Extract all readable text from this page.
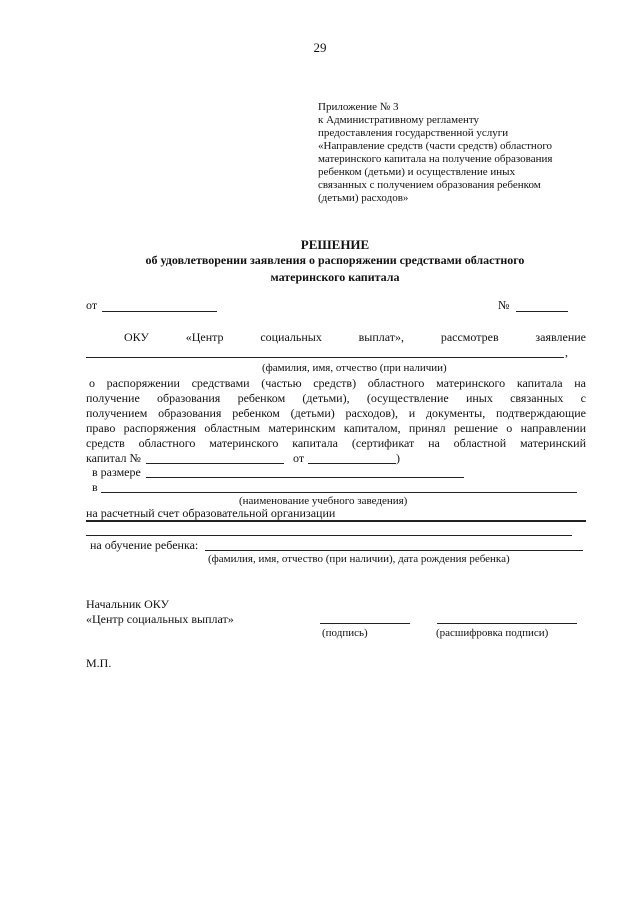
29
Приложение № 3
к Административному регламенту
предоставления государственной услуги
«Направление средств (части средств) областного
материнского капитала на получение образования
ребенком (детьми) и осуществление иных
связанных с получением образования ребенком
(детьми) расходов»
РЕШЕНИЕ
об удовлетворении заявления о распоряжении средствами областного
материнского капитала
от	№
ОКУ	«Центр	социальных	выплат»,	рассмотрев	заявление
,
(фамилия, имя, отчество (при наличии)
о распоряжении средствами (частью средств) областного материнского капитала на
получение образования ребенком (детьми), (осуществление иных связанных с
получением образования ребенком (детьми) расходов), и документы, подтверждающие
право распоряжения областным материнским капиталом, принял решение о направлении
средств областного материнского капитала (сертификат на областной материнский
капитал №	от	)
в размере
в
(наименование учебного заведения)
на расчетный счет образовательной организации
на обучение ребенка:
(фамилия, имя, отчество (при наличии), дата рождения ребенка)
Начальник ОКУ
«Центр социальных выплат»
(подпись)	(расшифровка подписи)
М.П.
